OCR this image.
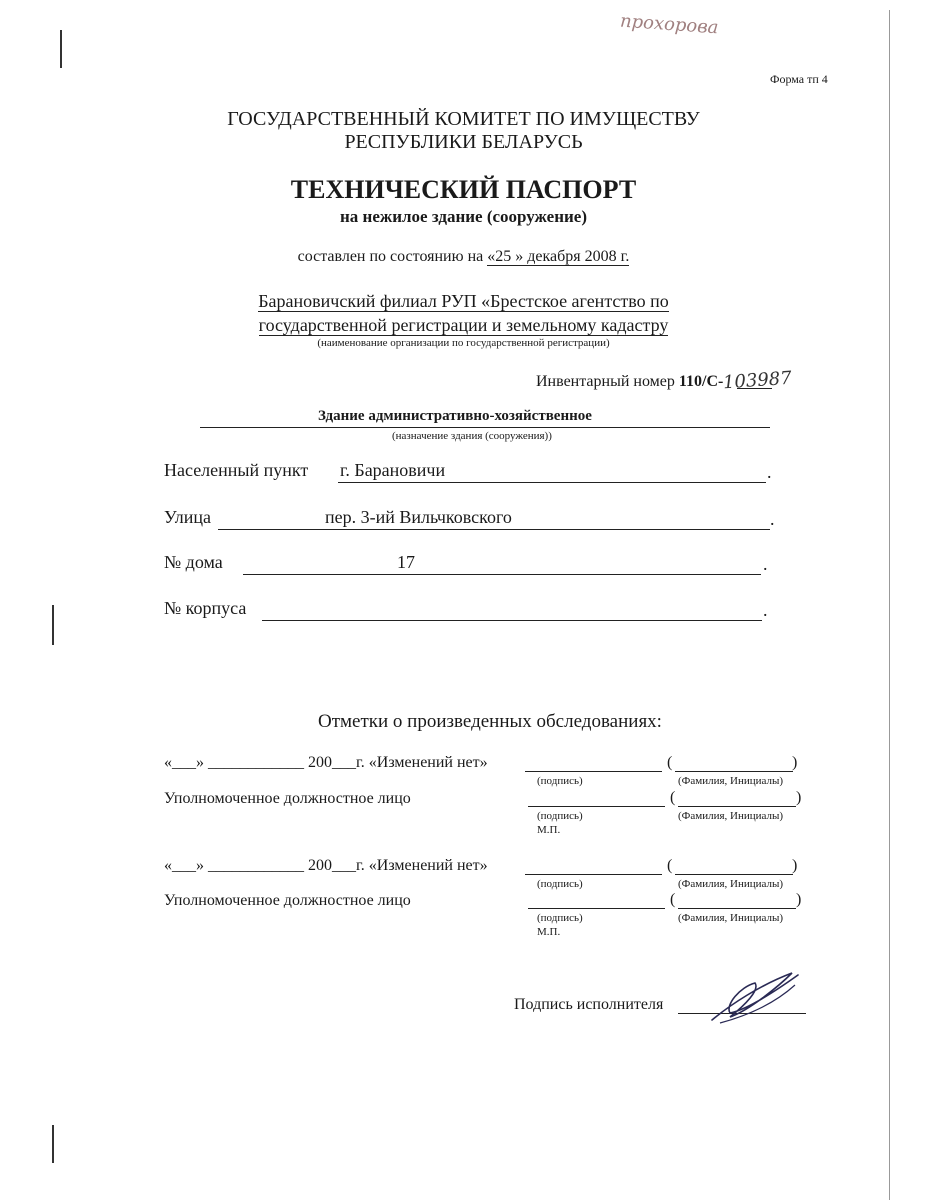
прохорова
Форма тп 4
ГОСУДАРСТВЕННЫЙ КОМИТЕТ ПО ИМУЩЕСТВУ
РЕСПУБЛИКИ БЕЛАРУСЬ
ТЕХНИЧЕСКИЙ ПАСПОРТ
на нежилое здание (сооружение)
составлен по состоянию на «25 » декабря 2008 г.
Барановичский филиал РУП «Брестское агентство по
государственной регистрации и земельному кадастру
(наименование организации по государственной регистрации)
Инвентарный номер 110/С- 103987
Здание административно-хозяйственное
(назначение здания (сооружения))
Населенный пункт г. Барановичи	.
Улица	пер. 3-ий Вильчковского	.
№ дома	17	.
№ корпуса	.
Отметки о произведенных обследованиях:
«___» ____________ 200___г. «Изменений нет»	(	)
(подпись)	(Фамилия, Инициалы)
Уполномоченное должностное лицо	(	)
(подпись)	(Фамилия, Инициалы)
М.П.
«___» ____________ 200___г. «Изменений нет»	(	)
(подпись)	(Фамилия, Инициалы)
Уполномоченное должностное лицо	(	)
(подпись)	(Фамилия, Инициалы)
М.П.
Подпись исполнителя
